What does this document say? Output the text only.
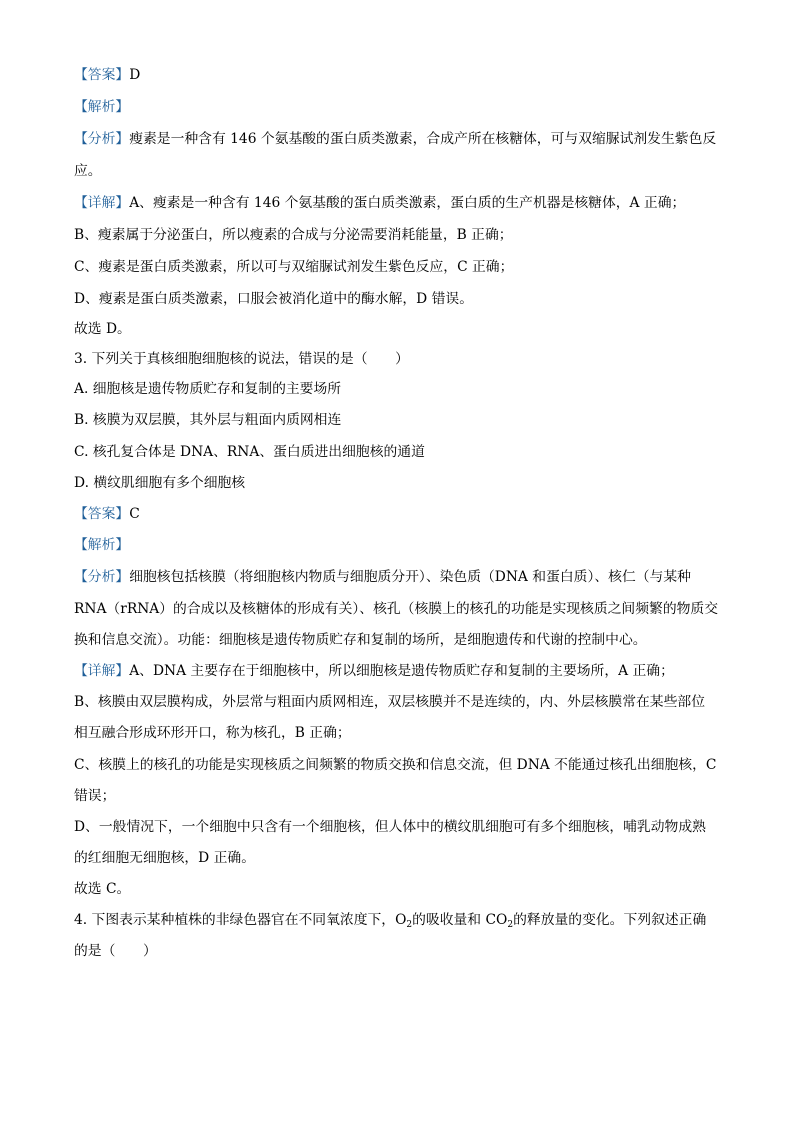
【答案】D
【解析】
【分析】瘦素是一种含有 146 个氨基酸的蛋白质类激素，合成产所在核糖体，可与双缩脲试剂发生紫色反
应。
【详解】A、瘦素是一种含有 146 个氨基酸的蛋白质类激素，蛋白质的生产机器是核糖体，A 正确；
B、瘦素属于分泌蛋白，所以瘦素的合成与分泌需要消耗能量，B 正确；
C、瘦素是蛋白质类激素，所以可与双缩脲试剂发生紫色反应，C 正确；
D、瘦素是蛋白质类激素，口服会被消化道中的酶水解，D 错误。
故选 D。
3. 下列关于真核细胞细胞核的说法，错误的是（　　）
A. 细胞核是遗传物质贮存和复制的主要场所
B. 核膜为双层膜，其外层与粗面内质网相连
C. 核孔复合体是 DNA、RNA、蛋白质进出细胞核的通道
D. 横纹肌细胞有多个细胞核
【答案】C
【解析】
【分析】细胞核包括核膜（将细胞核内物质与细胞质分开）、染色质（DNA 和蛋白质）、核仁（与某种
RNA（rRNA）的合成以及核糖体的形成有关）、核孔（核膜上的核孔的功能是实现核质之间频繁的物质交
换和信息交流）。功能：细胞核是遗传物质贮存和复制的场所，是细胞遗传和代谢的控制中心。
【详解】A、DNA 主要存在于细胞核中，所以细胞核是遗传物质贮存和复制的主要场所，A 正确；
B、核膜由双层膜构成，外层常与粗面内质网相连，双层核膜并不是连续的，内、外层核膜常在某些部位
相互融合形成环形开口，称为核孔，B 正确；
C、核膜上的核孔的功能是实现核质之间频繁的物质交换和信息交流，但 DNA 不能通过核孔出细胞核，C
错误；
D、一般情况下，一个细胞中只含有一个细胞核，但人体中的横纹肌细胞可有多个细胞核，哺乳动物成熟
的红细胞无细胞核，D 正确。
故选 C。
4. 下图表示某种植株的非绿色器官在不同氧浓度下，$O_2$的吸收量和 $CO_2$的释放量的变化。下列叙述正确
的是（　　）
